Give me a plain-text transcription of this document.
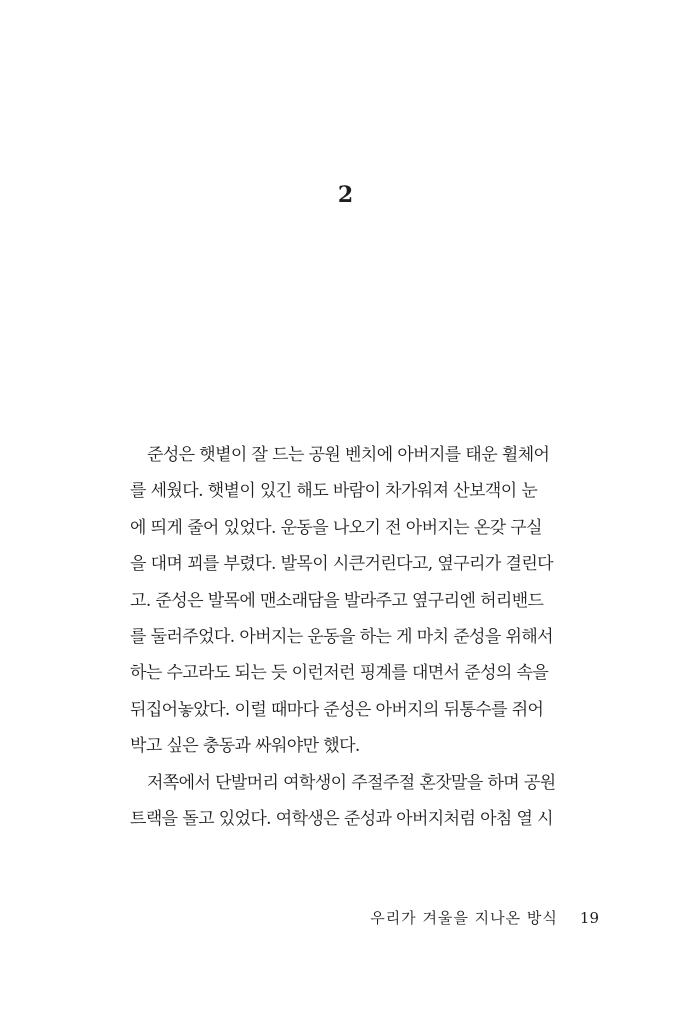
2
준성은 햇볕이 잘 드는 공원 벤치에 아버지를 태운 휠체어
를 세웠다. 햇볕이 있긴 해도 바람이 차가워져 산보객이 눈
에 띄게 줄어 있었다. 운동을 나오기 전 아버지는 온갖 구실
을 대며 꾀를 부렸다. 발목이 시큰거린다고, 옆구리가 결린다
고. 준성은 발목에 맨소래담을 발라주고 옆구리엔 허리밴드
를 둘러주었다. 아버지는 운동을 하는 게 마치 준성을 위해서
하는 수고라도 되는 듯 이런저런 핑계를 대면서 준성의 속을
뒤집어놓았다. 이럴 때마다 준성은 아버지의 뒤통수를 쥐어
박고 싶은 충동과 싸워야만 했다.
저쪽에서 단발머리 여학생이 주절주절 혼잣말을 하며 공원
트랙을 돌고 있었다. 여학생은 준성과 아버지처럼 아침 열 시
우리가 겨울을 지나온 방식 19
